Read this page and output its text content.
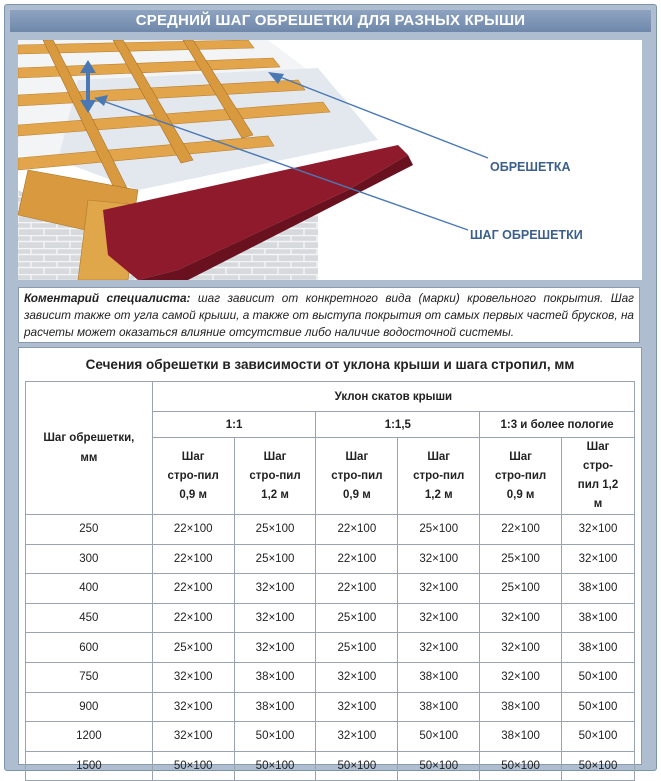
СРЕДНИЙ ШАГ ОБРЕШЕТКИ ДЛЯ РАЗНЫХ КРЫШИ
ОБРЕШЕТКА
ШАГ ОБРЕШЕТКИ
Коментарий специалиста: шаг зависит от конкретного вида (марки) кровельного покрытия. Шаг зависит также от угла самой крыши, а также от выступа покрытия от самых первых частей брусков, на расчеты может оказаться влияние отсутствие либо наличие водосточной системы.
Сечения обрешетки в зависимости от уклона крыши и шага стропил, мм
Шаг обрешетки, мм	Уклон скатов крыши					
	1:1		1:1,5		1:3 и более пологие	
	Шаг стро-пил 0,9 м	Шаг стро-пил 1,2 м	Шаг стро-пил 0,9 м	Шаг стро-пил 1,2 м	Шаг стро-пил 0,9 м	Шаг стро-пил 1,2 м
250	22×100	25×100	22×100	25×100	22×100	32×100
300	22×100	25×100	22×100	32×100	25×100	32×100
400	22×100	32×100	22×100	32×100	25×100	38×100
450	22×100	32×100	25×100	32×100	32×100	38×100
600	25×100	32×100	25×100	32×100	32×100	38×100
750	32×100	38×100	32×100	38×100	32×100	50×100
900	32×100	38×100	32×100	38×100	38×100	50×100
1200	32×100	50×100	32×100	50×100	38×100	50×100
1500	50×100	50×100	50×100	50×100	50×100	50×100
